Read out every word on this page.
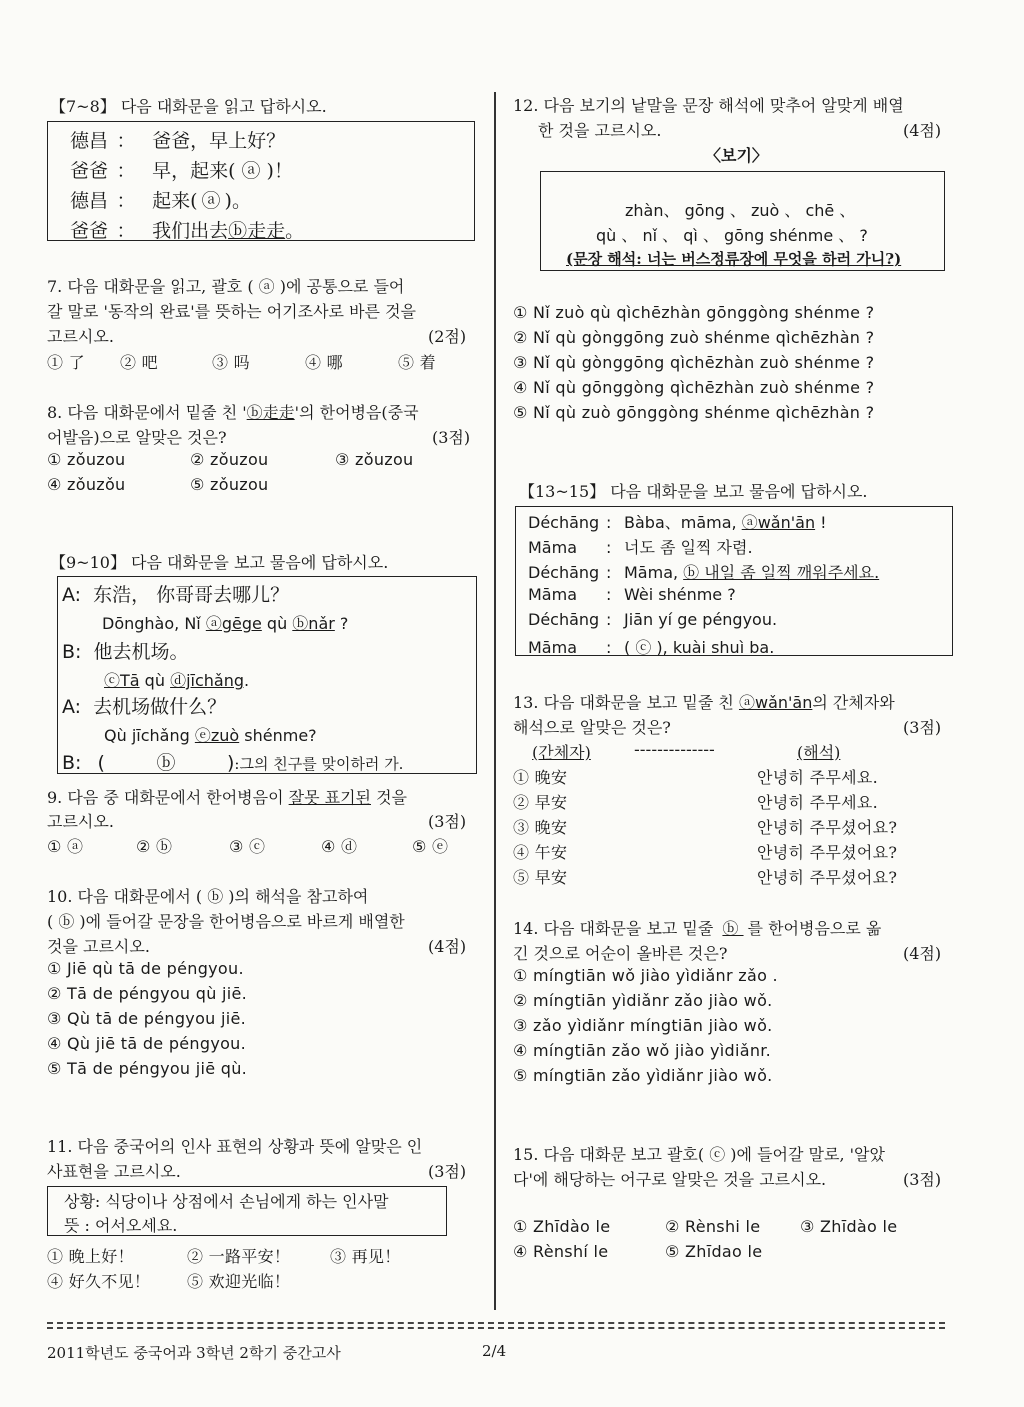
【7~8】 다음 대화문을 읽고 답하시오.
德昌 ： 爸爸，早上好？
爸爸 ： 早，起来( ⓐ )！
德昌 ： 起来( ⓐ )。
爸爸 ： 我们出去ⓑ走走。
7. 다음 대화문을 읽고, 괄호 ( ⓐ )에 공통으로 들어
갈 말로 '동작의 완료'를 뜻하는 어기조사로 바른 것을
고르시오.	(2점)
① 了 ② 吧	③ 吗	④ 哪	⑤ 着
8. 다음 대화문에서 밑줄 친 'ⓑ走走'의 한어병음(중국
어발음)으로 알맞은 것은?	(3점)
① zǒuzou	② zǒuzou	③ zǒuzou
④ zǒuzǒu	⑤ zǒuzou
【9~10】 다음 대화문을 보고 물음에 답하시오.
A: 东浩， 你哥哥去哪儿？
Dōnghào, Nǐ ⓐgēge qù ⓑnǎr ?
B: 他去机场。
ⓒTā qù ⓓjīchǎng.
A: 去机场做什么？
Qù jīchǎng ⓔzuò shénme?
B: (	ⓑ	):그의 친구를 맞이하러 가.
9. 다음 중 대화문에서 한어병음이 잘못 표기된 것을
고르시오.	(3점)
① ⓐ	② ⓑ	③ ⓒ	④ ⓓ	⑤ ⓔ
10. 다음 대화문에서 ( ⓑ )의 해석을 참고하여
( ⓑ )에 들어갈 문장을 한어병음으로 바르게 배열한
것을 고르시오.	(4점)
① Jiē qù tā de péngyou.
② Tā de péngyou qù jiē.
③ Qù tā de péngyou jiē.
④ Qù jiē tā de péngyou.
⑤ Tā de péngyou jiē qù.
11. 다음 중국어의 인사 표현의 상황과 뜻에 알맞은 인
사표현을 고르시오.	(3점)
상황: 식당이나 상점에서 손님에게 하는 인사말
뜻 : 어서오세요.
① 晚上好！	② 一路平安！ ③ 再见！
④ 好久不见！ ⑤ 欢迎光临！
12. 다음 보기의 낱말을 문장 해석에 맞추어 알맞게 배열
한 것을 고르시오.	(4점)
〈보기〉
zhàn、 gōng 、 zuò 、 chē 、
qù 、 nǐ 、 qì 、 gōng shénme 、 ?
(문장 해석: 너는 버스정류장에 무엇을 하러 가니?)
① Nǐ zuò qù qìchēzhàn gōnggòng shénme ?
② Nǐ qù gònggōng zuò shénme qìchēzhàn ?
③ Nǐ qù gònggōng qìchēzhàn zuò shénme ?
④ Nǐ qù gōnggòng qìchēzhàn zuò shénme ?
⑤ Nǐ qù zuò gōnggòng shénme qìchēzhàn ?
【13~15】 다음 대화문을 보고 물음에 답하시오.
Déchāng : Bàba、māma, ⓐwǎn'ān !
Māma : 너도 좀 일찍 자렴.
Déchāng : Māma, ⓑ 내일 좀 일찍 깨워주세요.
Māma : Wèi shénme ?
Déchāng : Jiān yí ge péngyou.
Māma : ( ⓒ ), kuài shuì ba.
13. 다음 대화문을 보고 밑줄 친 ⓐwǎn'ān의 간체자와
해석으로 알맞은 것은?	(3점)
(간체자)	--------------	(해석)
① 晚安	안녕히 주무세요.
② 早安	안녕히 주무세요.
③ 晚安	안녕히 주무셨어요?
④ 午安	안녕히 주무셨어요?
⑤ 早安	안녕히 주무셨어요?
14. 다음 대화문을 보고 밑줄 ⓑ 를 한어병음으로 옮
긴 것으로 어순이 올바른 것은?	(4점)
① míngtiān wǒ jiào yìdiǎnr zǎo .
② míngtiān yìdiǎnr zǎo jiào wǒ.
③ zǎo yìdiǎnr míngtiān jiào wǒ.
④ míngtiān zǎo wǒ jiào yìdiǎnr.
⑤ míngtiān zǎo yìdiǎnr jiào wǒ.
15. 다음 대화문 보고 괄호( ⓒ )에 들어갈 말로, '알았
다'에 해당하는 어구로 알맞은 것을 고르시오.	(3점)
① Zhīdào le	② Rènshi le ③ Zhīdào le
④ Rènshí le	⑤ Zhīdao le
2011학년도 중국어과 3학년 2학기 중간고사	2/4
